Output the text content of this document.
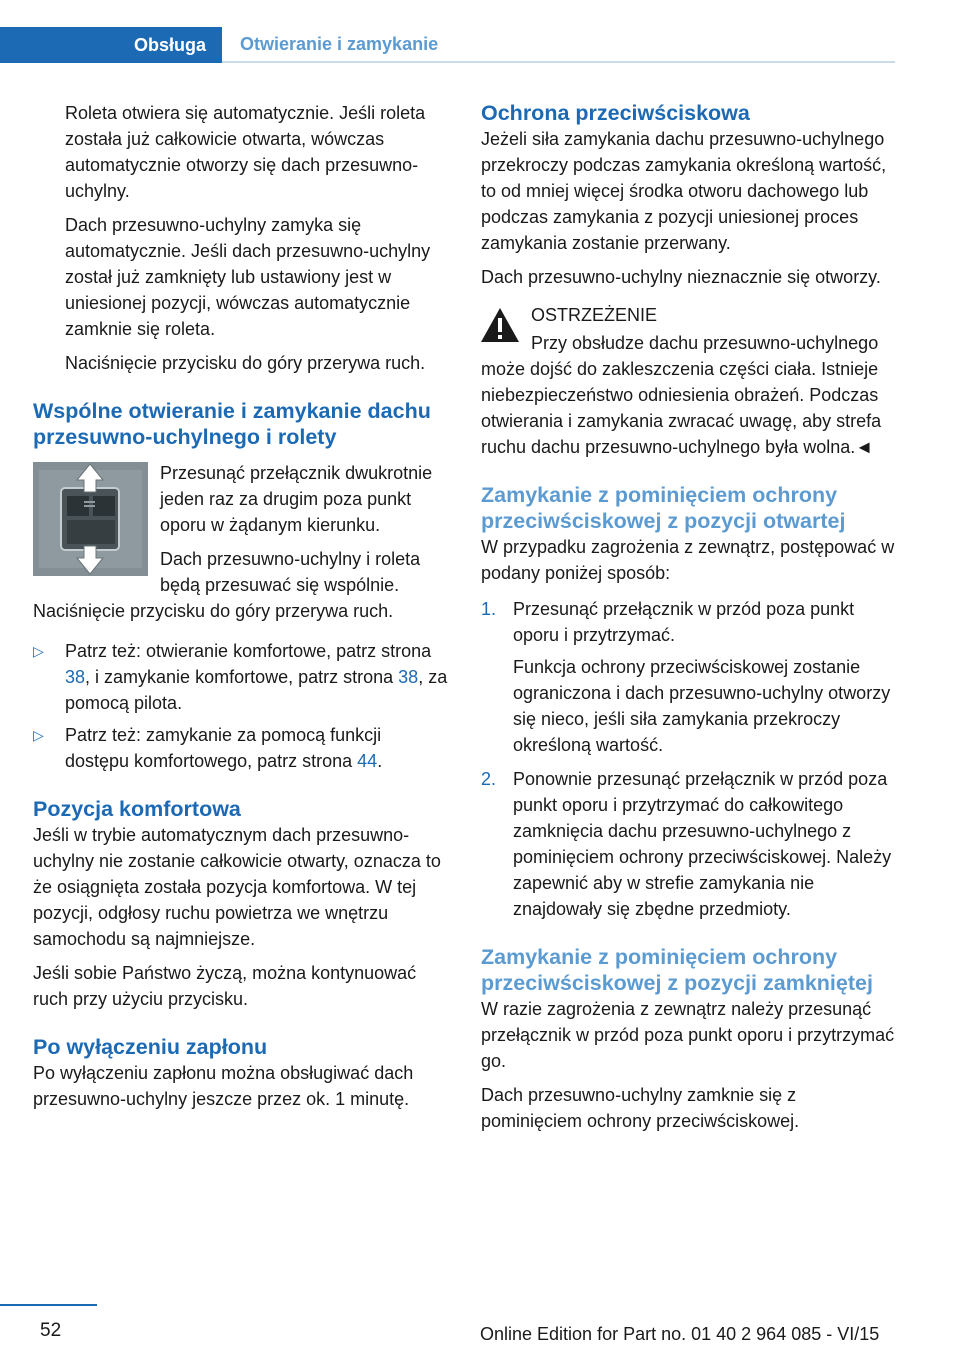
Obsługa	Otwieranie i zamykanie

Roleta otwiera się automatycznie. Jeśli roleta została już całkowicie otwarta, wówczas automatycznie otworzy się dach przesuwno-uchylny.

Dach przesuwno-uchylny zamyka się automatycznie. Jeśli dach przesuwno-uchylny został już zamknięty lub ustawiony jest w uniesionej pozycji, wówczas automatycznie zamknie się roleta.

Naciśnięcie przycisku do góry przerywa ruch.

Wspólne otwieranie i zamykanie dachu przesuwno-uchylnego i rolety

Przesunąć przełącznik dwukrotnie jeden raz za drugim poza punkt oporu w żądanym kierunku.

Dach przesuwno-uchylny i roleta będą przesuwać się wspólnie. Naciśnięcie przycisku do góry przerywa ruch.

▷ Patrz też: otwieranie komfortowe, patrz strona 38, i zamykanie komfortowe, patrz strona 38, za pomocą pilota.
▷ Patrz też: zamykanie za pomocą funkcji dostępu komfortowego, patrz strona 44.
Pozycja komfortowa

Jeśli w trybie automatycznym dach przesuwno-uchylny nie zostanie całkowicie otwarty, oznacza to że osiągnięta została pozycja komfortowa. W tej pozycji, odgłosy ruchu powietrza we wnętrzu samochodu są najmniejsze.

Jeśli sobie Państwo życzą, można kontynuować ruch przy użyciu przycisku.

Po wyłączeniu zapłonu

Po wyłączeniu zapłonu można obsługiwać dach przesuwno-uchylny jeszcze przez ok. 1 minutę.

Ochrona przeciwściskowa

Jeżeli siła zamykania dachu przesuwno-uchylnego przekroczy podczas zamykania określoną wartość, to od mniej więcej środka otworu dachowego lub podczas zamykania z pozycji uniesionej proces zamykania zostanie przerwany.

Dach przesuwno-uchylny nieznacznie się otworzy.

OSTRZEŻENIE

Przy obsłudze dachu przesuwno-uchylnego może dojść do zakleszczenia części ciała. Istnieje niebezpieczeństwo odniesienia obrażeń. Podczas otwierania i zamykania zwracać uwagę, aby strefa ruchu dachu przesuwno-uchylnego była wolna.◄

Zamykanie z pominięciem ochrony przeciwściskowej z pozycji otwartej

W przypadku zagrożenia z zewnątrz, postępować w podany poniżej sposób:

1. Przesunąć przełącznik w przód poza punkt oporu i przytrzymać.

Funkcja ochrony przeciwściskowej zostanie ograniczona i dach przesuwno-uchylny otworzy się nieco, jeśli siła zamykania przekroczy określoną wartość.

2. Ponownie przesunąć przełącznik w przód poza punkt oporu i przytrzymać do całkowitego zamknięcia dachu przesuwno-uchylnego z pominięciem ochrony przeciwściskowej. Należy zapewnić aby w strefie zamykania nie znajdowały się zbędne przedmioty.

Zamykanie z pominięciem ochrony przeciwściskowej z pozycji zamkniętej

W razie zagrożenia z zewnątrz należy przesunąć przełącznik w przód poza punkt oporu i przytrzymać go.

Dach przesuwno-uchylny zamknie się z pominięciem ochrony przeciwściskowej.

52	Online Edition for Part no. 01 40 2 964 085 - VI/15
